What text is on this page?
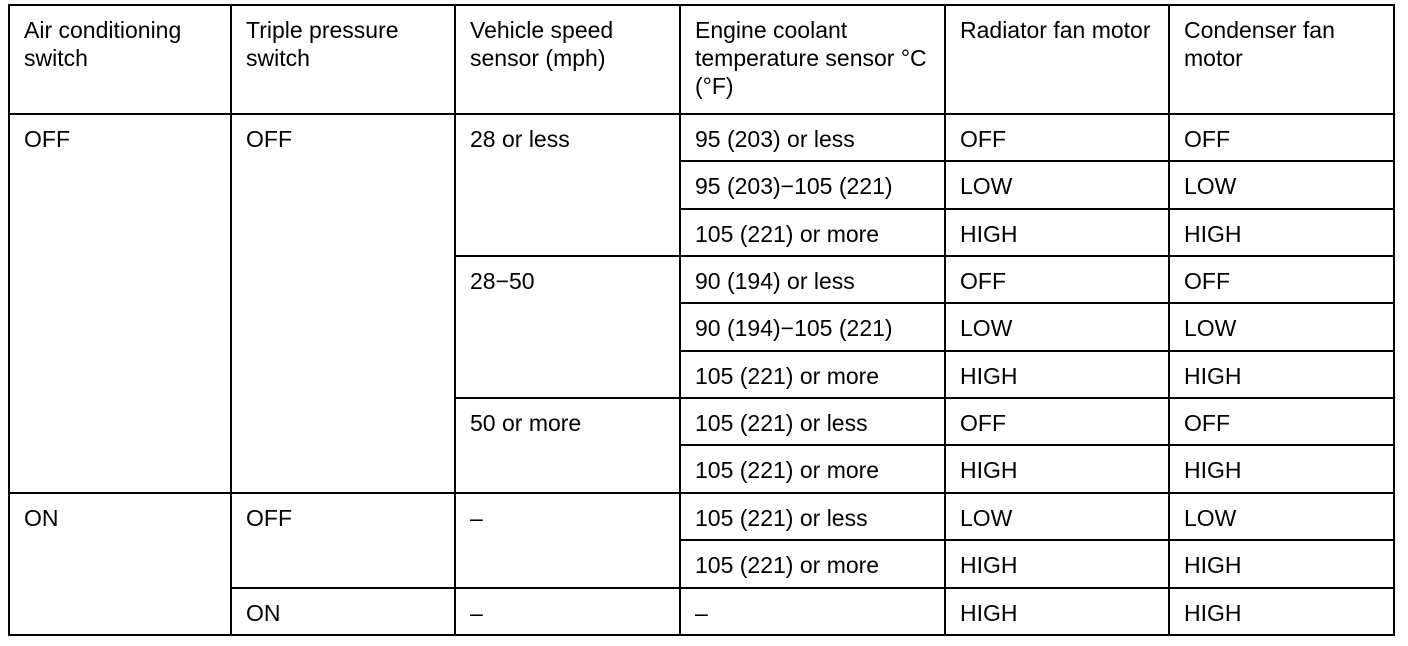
Air conditioning switch	Triple pressure switch	Vehicle speed sensor (mph)	Engine coolant temperature sensor °C (°F)	Radiator fan motor	Condenser fan motor
OFF	OFF	28 or less	95 (203) or less	OFF	OFF
			95 (203)−105 (221)	LOW	LOW
			105 (221) or more	HIGH	HIGH
		28−50	90 (194) or less	OFF	OFF
			90 (194)−105 (221)	LOW	LOW
			105 (221) or more	HIGH	HIGH
		50 or more	105 (221) or less	OFF	OFF
			105 (221) or more	HIGH	HIGH
ON	OFF	–	105 (221) or less	LOW	LOW
			105 (221) or more	HIGH	HIGH
	ON	–	–	HIGH	HIGH
